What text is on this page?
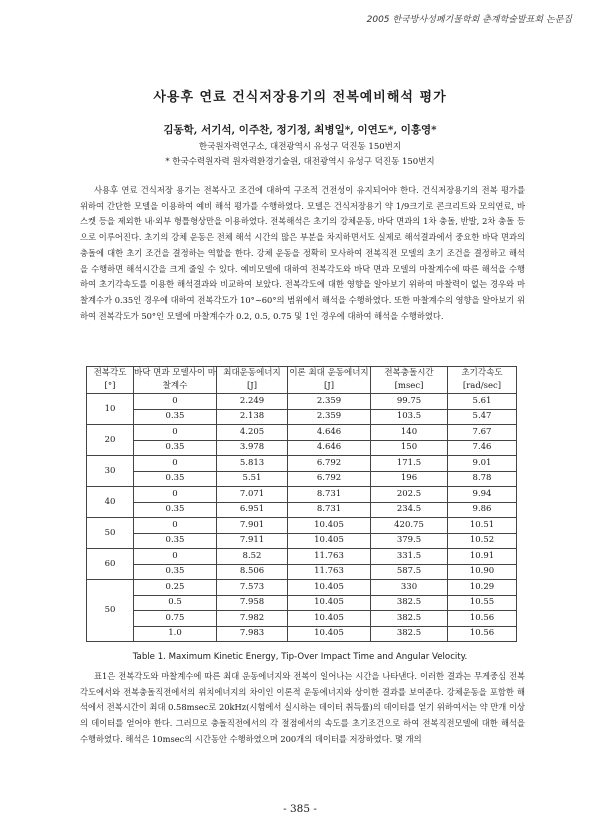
2005 한국방사성폐기물학회 춘계학술발표회 논문집
사용후 연료 건식저장용기의 전복예비해석 평가
김동학, 서기석, 이주찬, 정기정, 최병일*, 이연도*, 이흥영*
한국원자력연구소, 대전광역시 유성구 덕진동 150번지
* 한국수력원자력 원자력환경기술원, 대전광역시 유성구 덕진동 150번지

사용후 연료 건식저장 용기는 전복사고 조건에 대하여 구조적 건전성이 유지되어야 한다. 건식저장용기의 전복 평가를 위하여 간단한 모델을 이용하여 예비 해석 평가를 수행하였다. 모델은 건식저장용기 약 1/9크기로 콘크리트와 모의연료, 바스켓 등을 제외한 내·외부 형틀형상만을 이용하였다. 전복해석은 초기의 강체운동, 바닥 면과의 1차 충돌, 반발, 2차 충돌 등으로 이루어진다. 초기의 강체 운동은 전체 해석 시간의 많은 부분을 차지하면서도 실제로 해석결과에서 중요한 바닥 면과의 충돌에 대한 초기 조건을 결정하는 역할을 한다. 강체 운동을 정확히 모사하여 전복직전 모델의 초기 조건을 결정하고 해석을 수행하면 해석시간을 크게 줄일 수 있다. 예비모델에 대하여 전복각도와 바닥 면과 모델의 마찰계수에 따른 해석을 수행하여 초기각속도를 이용한 해석결과와 비교하여 보았다. 전복각도에 대한 영향을 알아보기 위하여 마찰력이 없는 경우와 마찰계수가 0.35인 경우에 대하여 전복각도가 10°~60°의 범위에서 해석을 수행하였다. 또한 마찰계수의 영향을 알아보기 위하여 전복각도가 50°인 모델에 마찰계수가 0.2, 0.5, 0.75 및 1인 경우에 대하여 해석을 수행하였다.

전복각도 [°]	바닥 면과 모델사이 마찰계수	최대운동에너지 [J]	이론 최대 운동에너지 [J]	전복충돌시간 [msec]	초기각속도 [rad/sec]
10	0	2.249	2.359	99.75	5.61
	0.35	2.138	2.359	103.5	5.47
20	0	4.205	4.646	140	7.67
	0.35	3.978	4.646	150	7.46
30	0	5.813	6.792	171.5	9.01
	0.35	5.51	6.792	196	8.78
40	0	7.071	8.731	202.5	9.94
	0.35	6.951	8.731	234.5	9.86
50	0	7.901	10.405	420.75	10.51
	0.35	7.911	10.405	379.5	10.52
60	0	8.52	11.763	331.5	10.91
	0.35	8.506	11.763	587.5	10.90
50	0.25	7.573	10.405	330	10.29
	0.5	7.958	10.405	382.5	10.55
	0.75	7.982	10.405	382.5	10.56
	1.0	7.983	10.405	382.5	10.56
Table 1. Maximum Kinetic Energy, Tip-Over Impact Time and Angular Velocity.

표1은 전복각도와 마찰계수에 따른 최대 운동에너지와 전복이 일어나는 시간을 나타낸다. 이러한 결과는 무게중심 전복각도에서와 전복충돌직전에서의 위치에너지의 차이인 이론적 운동에너지와 상이한 결과를 보여준다. 강체운동을 포함한 해석에서 전복시간이 최대 0.58msec로 20kHz(시험에서 실시하는 데이터 취득률)의 데이터를 얻기 위하여서는 약 만개 이상의 데이터를 얻어야 한다. 그러므로 충돌직전에서의 각 절점에서의 속도를 초기조건으로 하여 전복직전모델에 대한 해석을 수행하였다. 해석은 10msec의 시간동안 수행하였으며 200개의 데이터를 저장하였다. 몇 개의

- 385 -
